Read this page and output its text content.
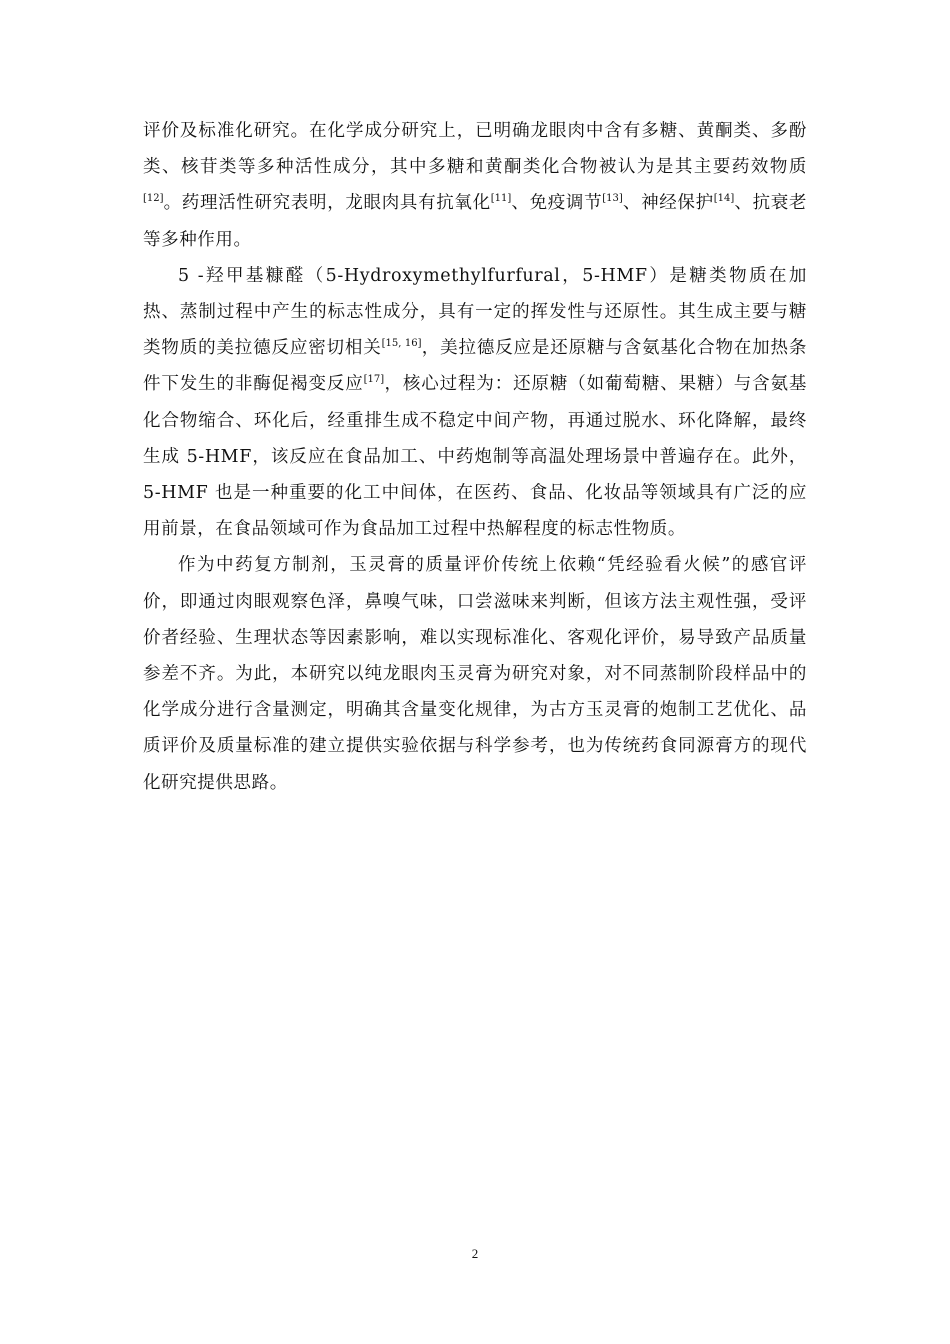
评价及标准化研究。在化学成分研究上，已明确龙眼肉中含有多糖、黄酮类、多酚类、核苷类等多种活性成分，其中多糖和黄酮类化合物被认为是其主要药效物质[12]。药理活性研究表明，龙眼肉具有抗氧化[11]、免疫调节[13]、神经保护[14]、抗衰老等多种作用。

5 -羟甲基糠醛（5-Hydroxymethylfurfural，5-HMF）是糖类物质在加热、蒸制过程中产生的标志性成分，具有一定的挥发性与还原性。其生成主要与糖类物质的美拉德反应密切相关[15, 16]，美拉德反应是还原糖与含氨基化合物在加热条件下发生的非酶促褐变反应[17]，核心过程为：还原糖（如葡萄糖、果糖）与含氨基化合物缩合、环化后，经重排生成不稳定中间产物，再通过脱水、环化降解，最终生成 5-HMF，该反应在食品加工、中药炮制等高温处理场景中普遍存在。此外，5-HMF 也是一种重要的化工中间体，在医药、食品、化妆品等领域具有广泛的应用前景，在食品领域可作为食品加工过程中热解程度的标志性物质。

作为中药复方制剂，玉灵膏的质量评价传统上依赖“凭经验看火候”的感官评价，即通过肉眼观察色泽，鼻嗅气味，口尝滋味来判断，但该方法主观性强，受评价者经验、生理状态等因素影响，难以实现标准化、客观化评价，易导致产品质量参差不齐。为此，本研究以纯龙眼肉玉灵膏为研究对象，对不同蒸制阶段样品中的化学成分进行含量测定，明确其含量变化规律，为古方玉灵膏的炮制工艺优化、品质评价及质量标准的建立提供实验依据与科学参考，也为传统药食同源膏方的现代化研究提供思路。

2
